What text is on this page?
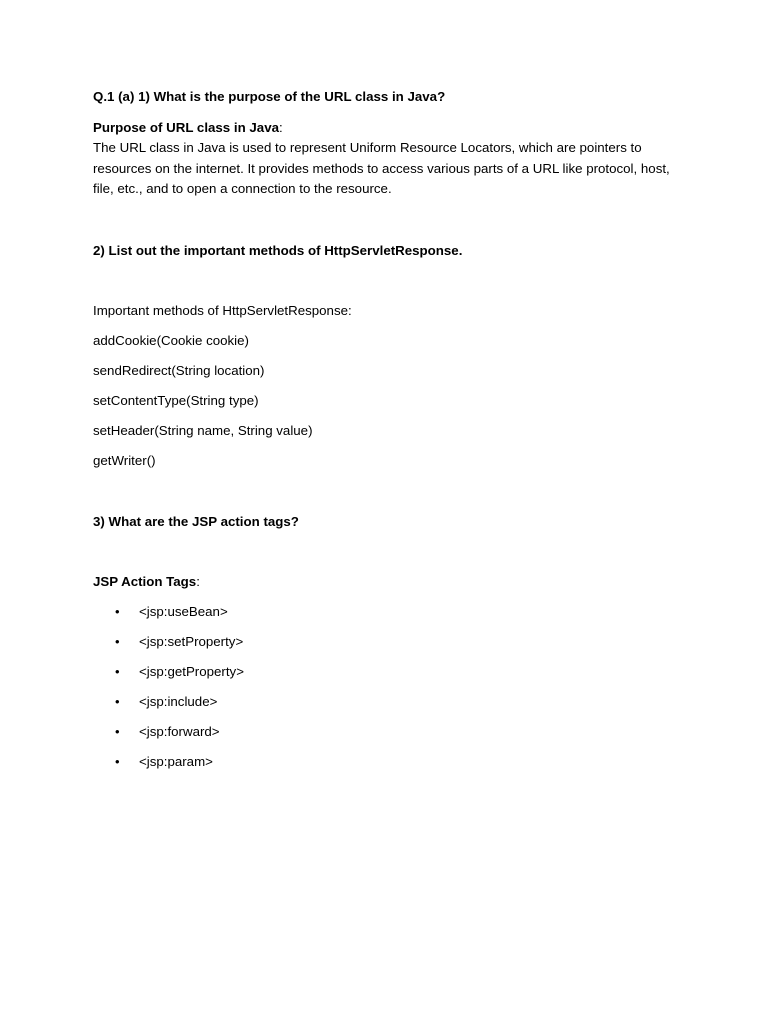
Q.1 (a) 1) What is the purpose of the URL class in Java?

Purpose of URL class in Java:

The URL class in Java is used to represent Uniform Resource Locators, which are pointers to resources on the internet. It provides methods to access various parts of a URL like protocol, host, file, etc., and to open a connection to the resource.

2) List out the important methods of HttpServletResponse.

Important methods of HttpServletResponse:

addCookie(Cookie cookie)
sendRedirect(String location)
setContentType(String type)
setHeader(String name, String value)
getWriter()

3) What are the JSP action tags?

JSP Action Tags:

• <jsp:useBean>
• <jsp:setProperty>
• <jsp:getProperty>
• <jsp:include>
• <jsp:forward>
• <jsp:param>
